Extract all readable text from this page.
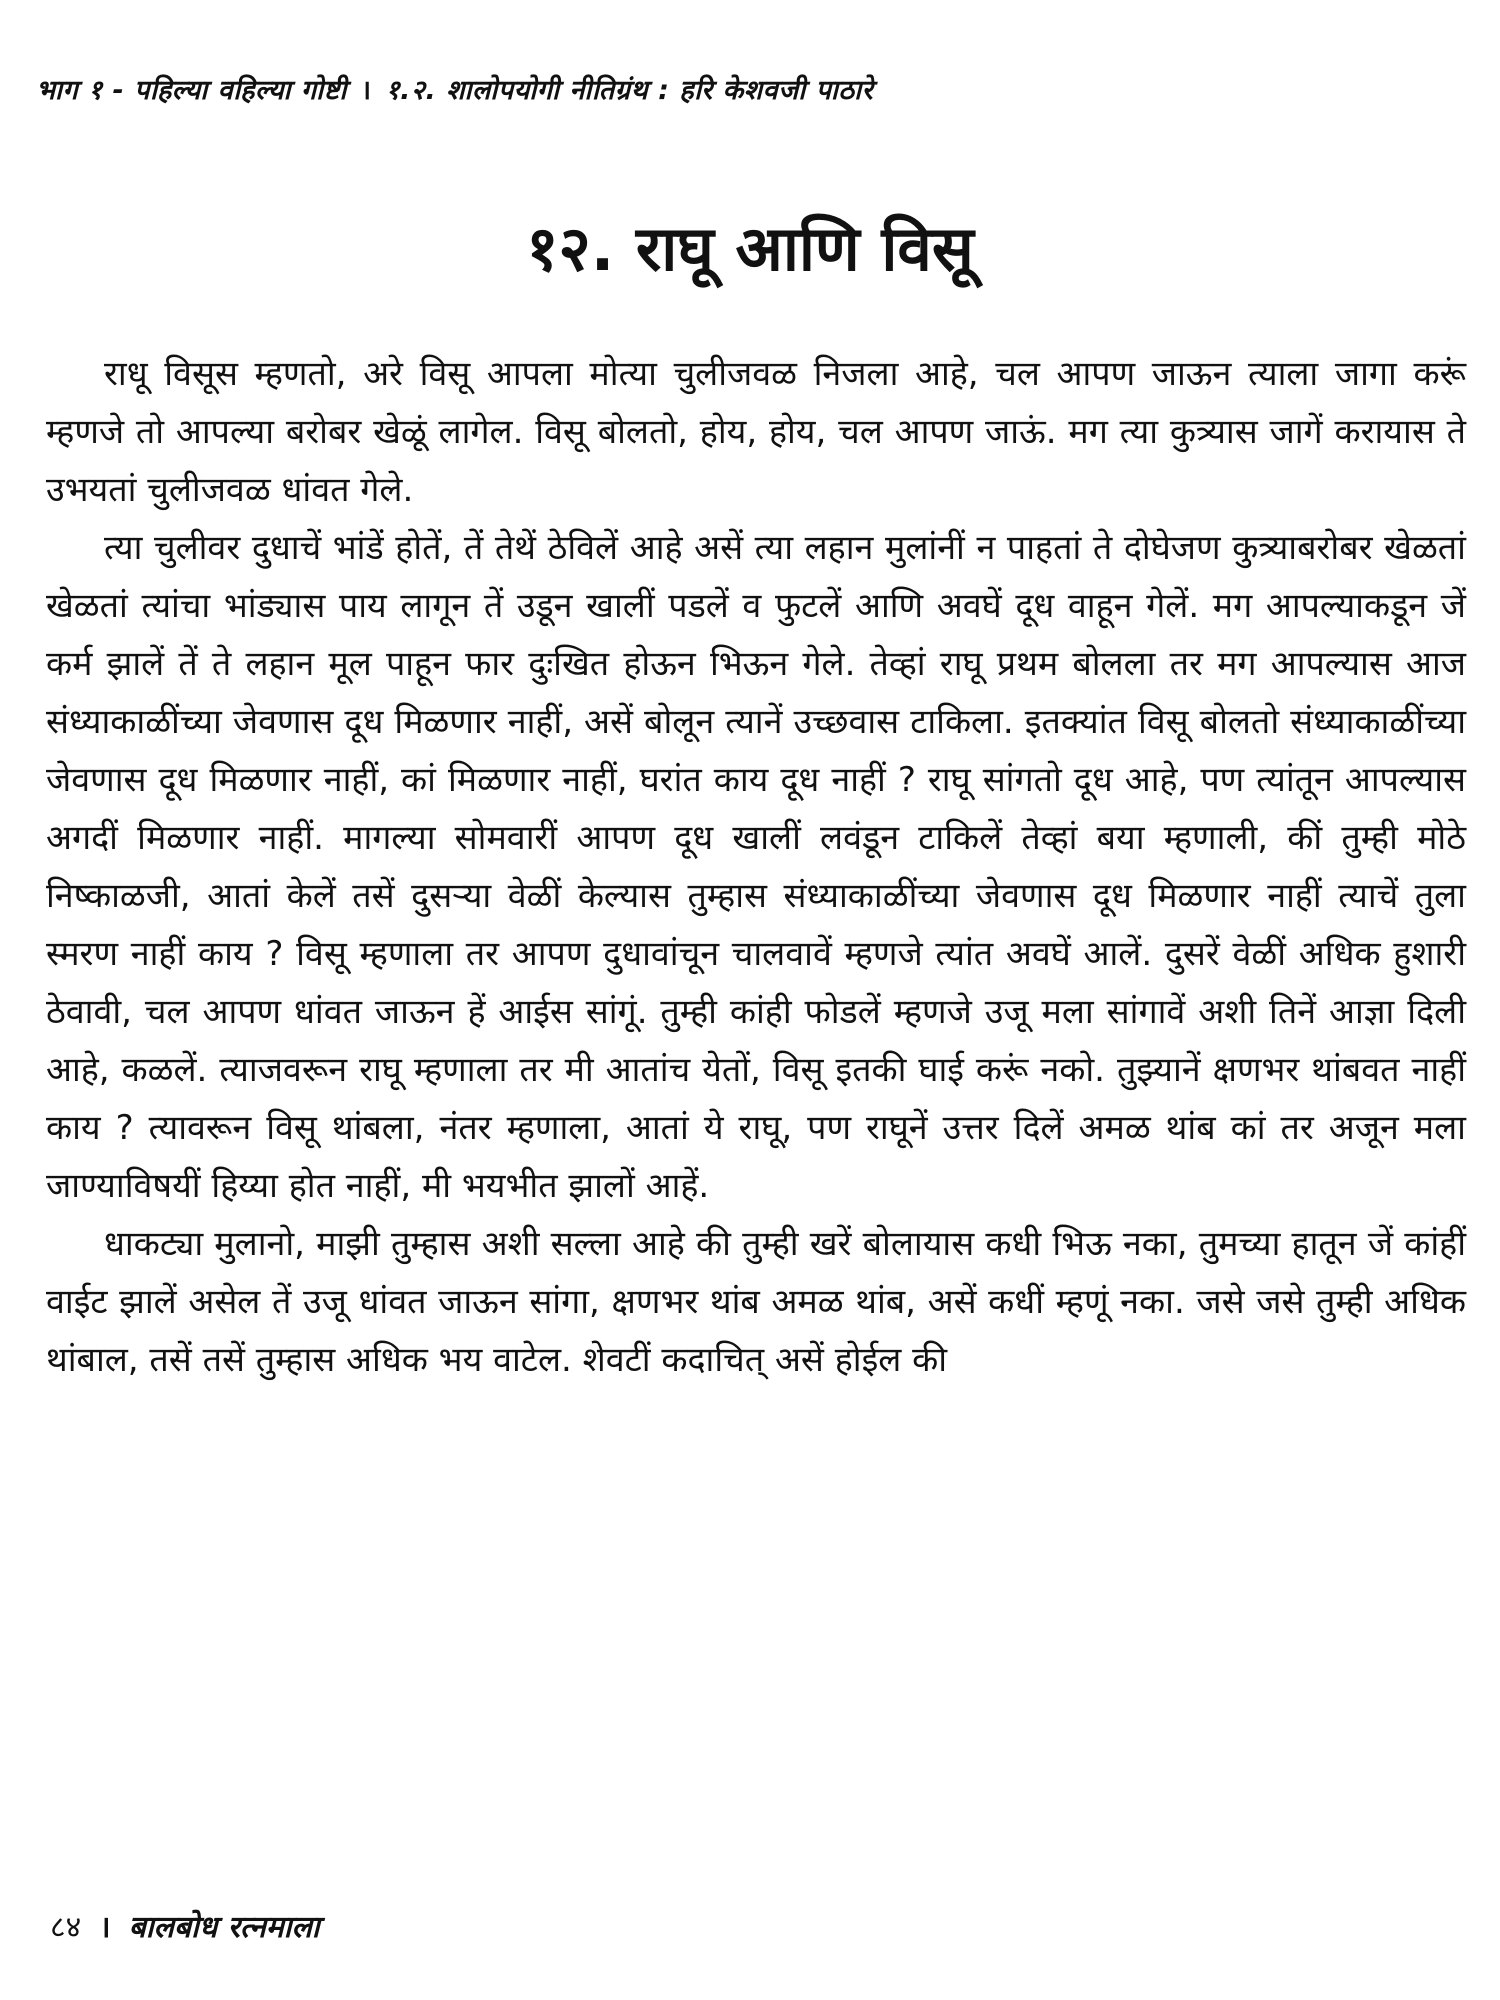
भाग १ - पहिल्या वहिल्या गोष्टी । १.२. शालोपयोगी नीतिग्रंथ : हरि केशवजी पाठारे
१२. राघू आणि विसू

राधू विसूस म्हणतो, अरे विसू आपला मोत्या चुलीजवळ निजला आहे, चल आपण जाऊन त्याला जागा करूं म्हणजे तो आपल्या बरोबर खेळूं लागेल. विसू बोलतो, होय, होय, चल आपण जाऊं. मग त्या कुत्र्यास जागें करायास ते उभयतां चुलीजवळ धांवत गेले.

त्या चुलीवर दुधाचें भांडें होतें, तें तेथें ठेविलें आहे असें त्या लहान मुलांनीं न पाहतां ते दोघेजण कुत्र्याबरोबर खेळतां खेळतां त्यांचा भांड्यास पाय लागून तें उडून खालीं पडलें व फुटलें आणि अवघें दूध वाहून गेलें. मग आपल्याकडून जें कर्म झालें तें ते लहान मूल पाहून फार दुःखित होऊन भिऊन गेले. तेव्हां राघू प्रथम बोलला तर मग आपल्यास आज संध्याकाळींच्या जेवणास दूध मिळणार नाहीं, असें बोलून त्यानें उच्छवास टाकिला. इतक्यांत विसू बोलतो संध्याकाळींच्या जेवणास दूध मिळणार नाहीं, कां मिळणार नाहीं, घरांत काय दूध नाहीं ? राघू सांगतो दूध आहे, पण त्यांतून आपल्यास अगदीं मिळणार नाहीं. मागल्या सोमवारीं आपण दूध खालीं लवंडून टाकिलें तेव्हां बया म्हणाली, कीं तुम्ही मोठे निष्काळजी, आतां केलें तसें दुसऱ्या वेळीं केल्यास तुम्हास संध्याकाळींच्या जेवणास दूध मिळणार नाहीं त्याचें तुला स्मरण नाहीं काय ? विसू म्हणाला तर आपण दुधावांचून चालवावें म्हणजे त्यांत अवघें आलें. दुसरें वेळीं अधिक हुशारी ठेवावी, चल आपण धांवत जाऊन हें आईस सांगूं. तुम्ही कांही फोडलें म्हणजे उजू मला सांगावें अशी तिनें आज्ञा दिली आहे, कळलें. त्याजवरून राघू म्हणाला तर मी आतांच येतों, विसू इतकी घाई करूं नको. तुझ्यानें क्षणभर थांबवत नाहीं काय ? त्यावरून विसू थांबला, नंतर म्हणाला, आतां ये राघू, पण राघूनें उत्तर दिलें अमळ थांब कां तर अजून मला जाण्याविषयीं हिय्या होत नाहीं, मी भयभीत झालों आहें.

धाकट्या मुलानो, माझी तुम्हास अशी सल्ला आहे की तुम्ही खरें बोलायास कधी भिऊ नका, तुमच्या हातून जें कांहीं वाईट झालें असेल तें उजू धांवत जाऊन सांगा, क्षणभर थांब अमळ थांब, असें कधीं म्हणूं नका. जसे जसे तुम्ही अधिक थांबाल, तसें तसें तुम्हास अधिक भय वाटेल. शेवटीं कदाचित् असें होईल की

८४ । बालबोध रत्नमाला
